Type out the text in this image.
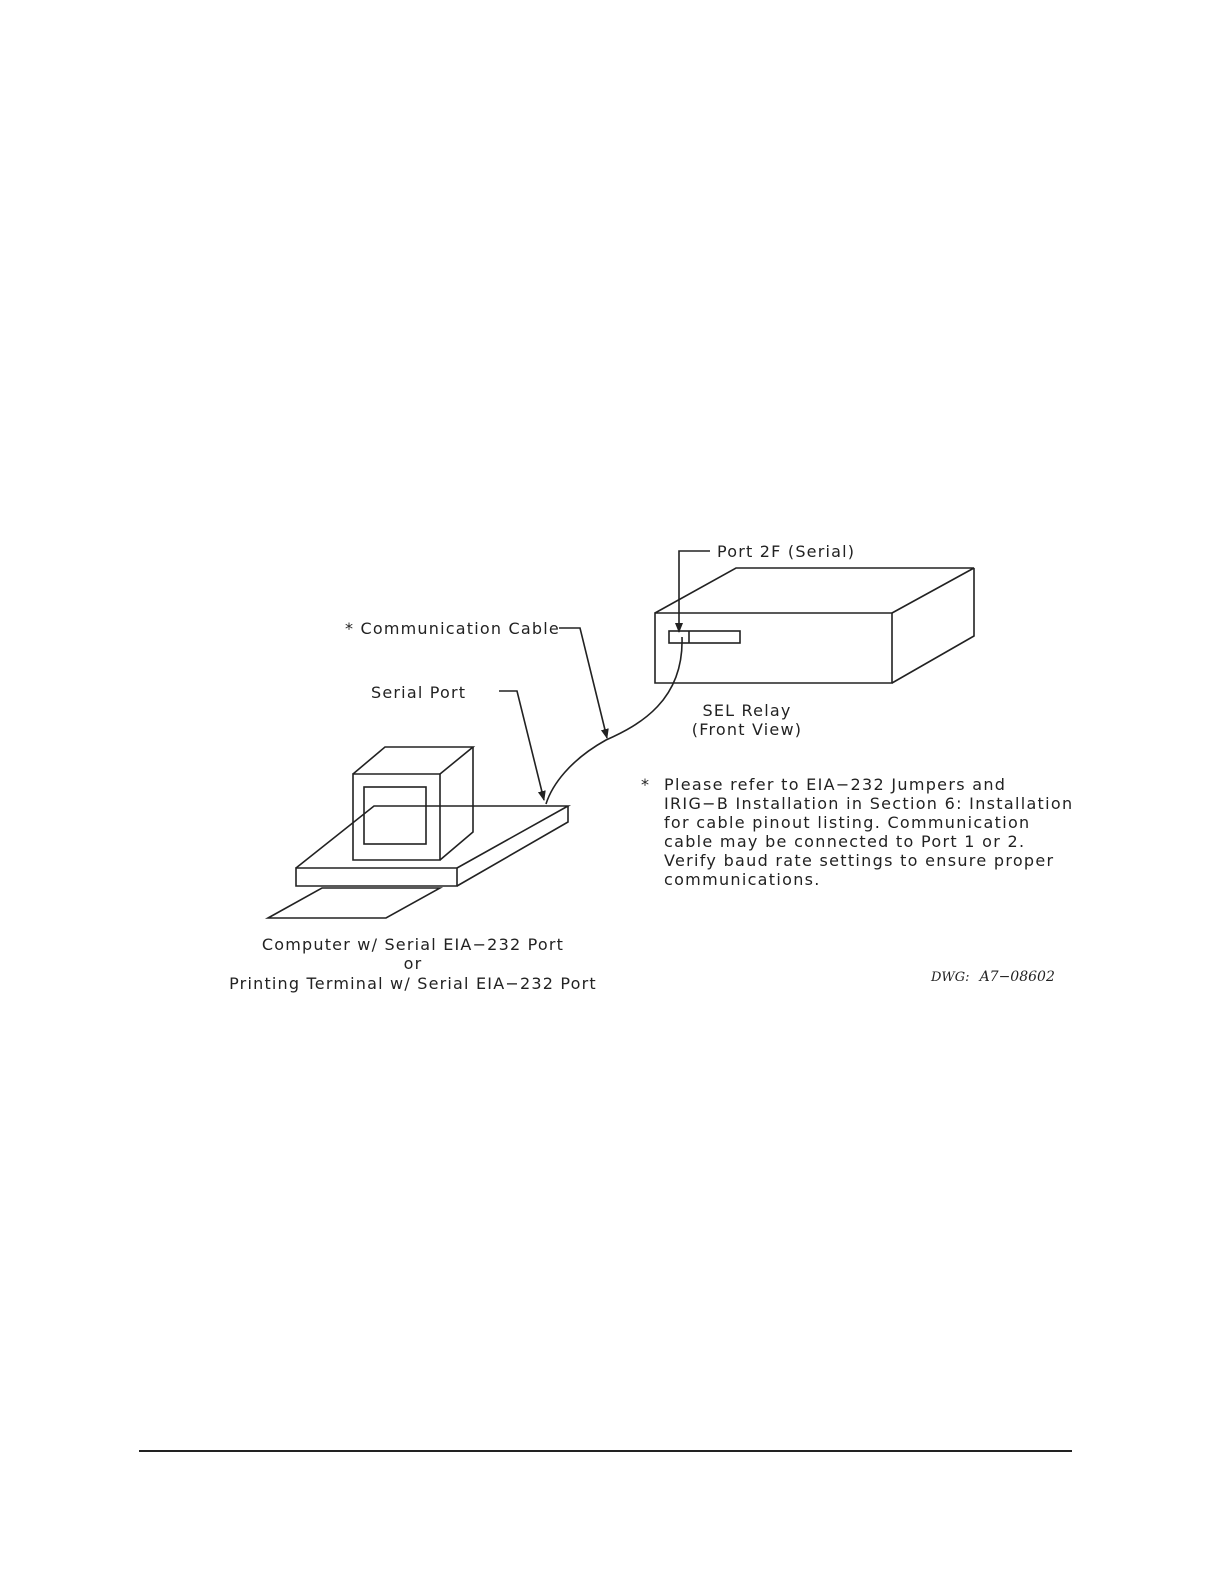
Port 2F (Serial)
* Communication Cable
Serial Port
SEL Relay
(Front View)
Computer w/ Serial EIA−232 Port
or
Printing Terminal w/ Serial EIA−232 Port
* Please refer to EIA−232 Jumpers and
IRIG−B Installation in Section 6: Installation
for cable pinout listing. Communication
cable may be connected to Port 1 or 2.
Verify baud rate settings to ensure proper
communications.
DWG: A7−08602
